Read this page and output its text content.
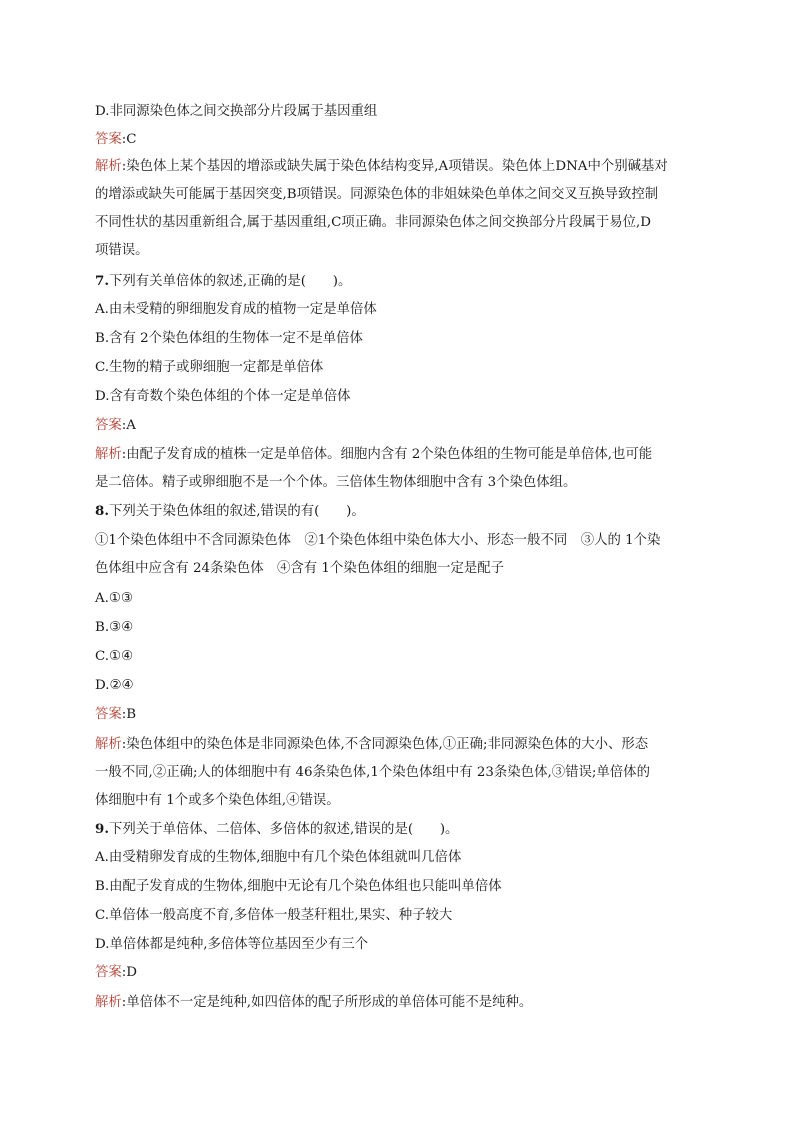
D.非同源染色体之间交换部分片段属于基因重组
答案:C
解析:染色体上某个基因的增添或缺失属于染色体结构变异,A项错误。染色体上DNA中个别碱基对
的增添或缺失可能属于基因突变,B项错误。同源染色体的非姐妹染色单体之间交叉互换导致控制
不同性状的基因重新组合,属于基因重组,C项正确。非同源染色体之间交换部分片段属于易位,D
项错误。
7.下列有关单倍体的叙述,正确的是(　　)。
A.由未受精的卵细胞发育成的植物一定是单倍体
B.含有 2个染色体组的生物体一定不是单倍体
C.生物的精子或卵细胞一定都是单倍体
D.含有奇数个染色体组的个体一定是单倍体
答案:A
解析:由配子发育成的植株一定是单倍体。细胞内含有 2个染色体组的生物可能是单倍体,也可能
是二倍体。精子或卵细胞不是一个个体。三倍体生物体细胞中含有 3个染色体组。
8.下列关于染色体组的叙述,错误的有(　　)。
①1个染色体组中不含同源染色体　②1个染色体组中染色体大小、形态一般不同　③人的 1个染
色体组中应含有 24条染色体　④含有 1个染色体组的细胞一定是配子
A.①③
B.③④
C.①④
D.②④
答案:B
解析:染色体组中的染色体是非同源染色体,不含同源染色体,①正确;非同源染色体的大小、形态
一般不同,②正确;人的体细胞中有 46条染色体,1个染色体组中有 23条染色体,③错误;单倍体的
体细胞中有 1个或多个染色体组,④错误。
9.下列关于单倍体、二倍体、多倍体的叙述,错误的是(　　)。
A.由受精卵发育成的生物体,细胞中有几个染色体组就叫几倍体
B.由配子发育成的生物体,细胞中无论有几个染色体组也只能叫单倍体
C.单倍体一般高度不育,多倍体一般茎秆粗壮,果实、种子较大
D.单倍体都是纯种,多倍体等位基因至少有三个
答案:D
解析:单倍体不一定是纯种,如四倍体的配子所形成的单倍体可能不是纯种。
